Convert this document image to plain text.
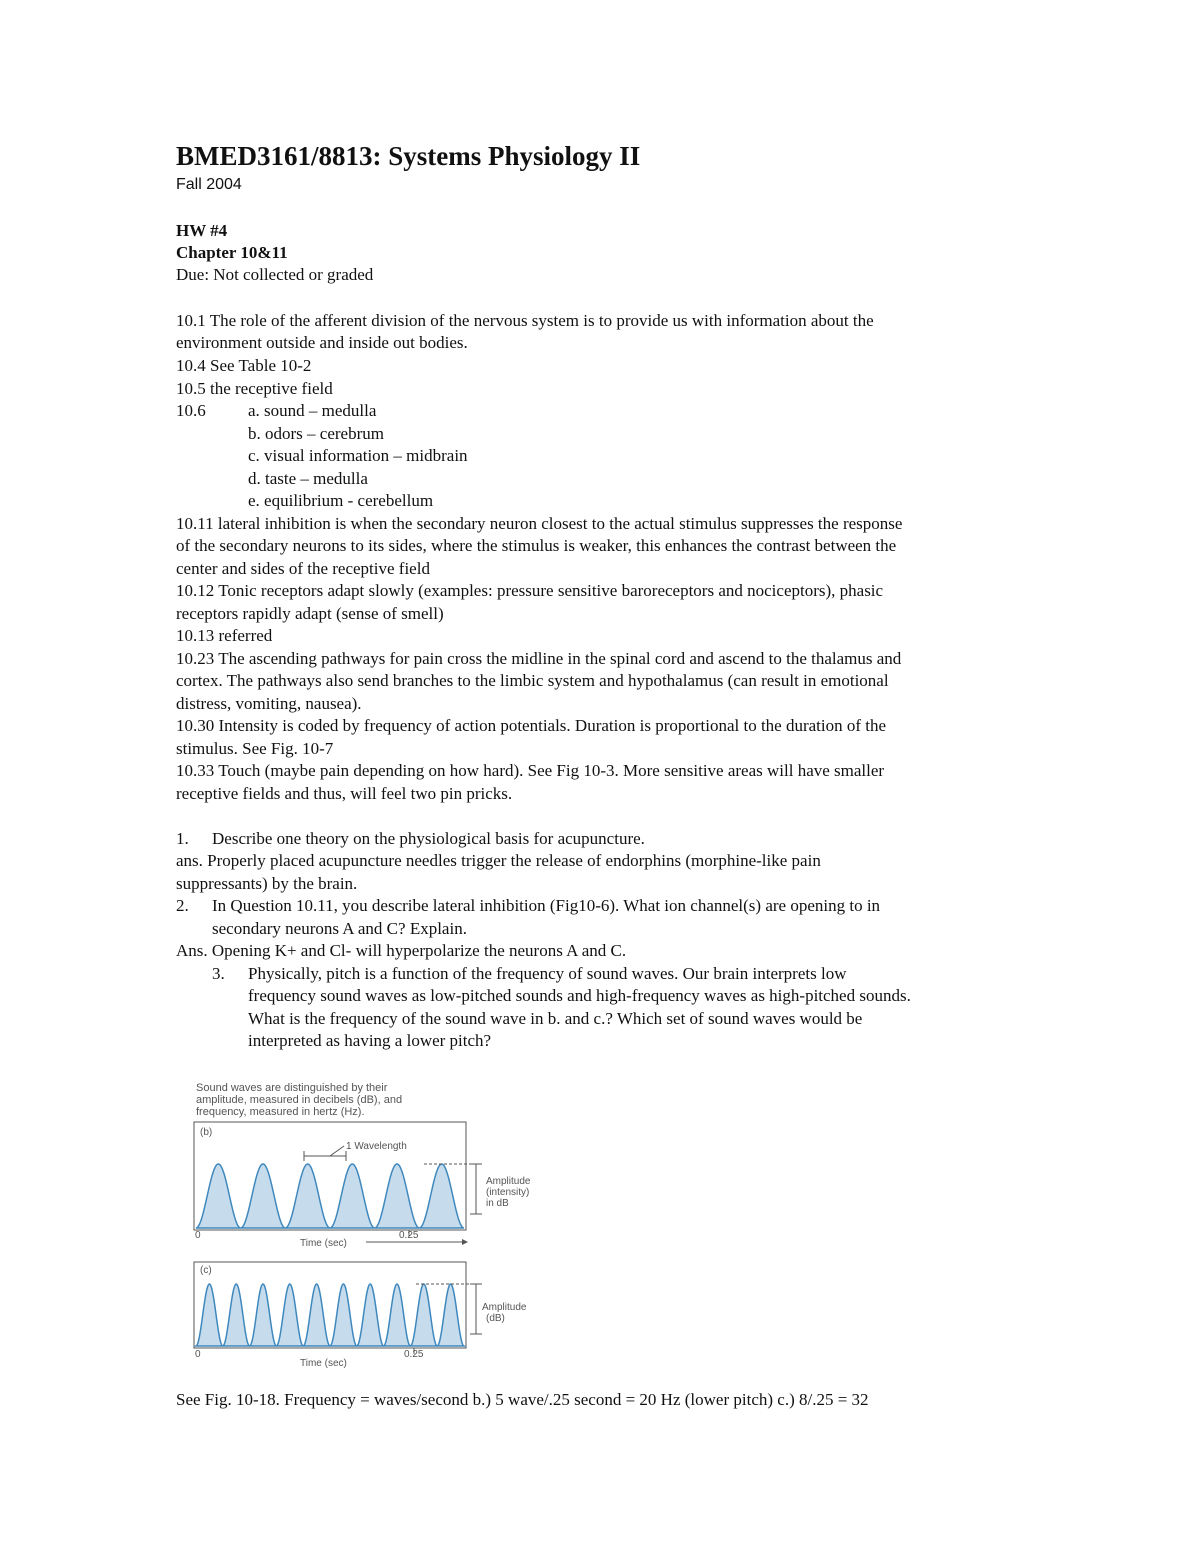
BMED3161/8813: Systems Physiology II
Fall 2004
HW #4
Chapter 10&11
Due: Not collected or graded
10.1 The role of the afferent division of the nervous system is to provide us with information about the
environment outside and inside out bodies.
10.4 See Table 10-2
10.5 the receptive field
10.6 a. sound – medulla
b. odors – cerebrum
c. visual information – midbrain
d. taste – medulla
e. equilibrium - cerebellum
10.11 lateral inhibition is when the secondary neuron closest to the actual stimulus suppresses the response
of the secondary neurons to its sides, where the stimulus is weaker, this enhances the contrast between the
center and sides of the receptive field
10.12 Tonic receptors adapt slowly (examples: pressure sensitive baroreceptors and nociceptors), phasic
receptors rapidly adapt (sense of smell)
10.13 referred
10.23 The ascending pathways for pain cross the midline in the spinal cord and ascend to the thalamus and
cortex. The pathways also send branches to the limbic system and hypothalamus (can result in emotional
distress, vomiting, nausea).
10.30 Intensity is coded by frequency of action potentials. Duration is proportional to the duration of the
stimulus. See Fig. 10-7
10.33 Touch (maybe pain depending on how hard). See Fig 10-3. More sensitive areas will have smaller
receptive fields and thus, will feel two pin pricks.
1. Describe one theory on the physiological basis for acupuncture.
ans. Properly placed acupuncture needles trigger the release of endorphins (morphine-like pain
suppressants) by the brain.
2. In Question 10.11, you describe lateral inhibition (Fig10-6). What ion channel(s) are opening to in
secondary neurons A and C? Explain.
Ans. Opening K+ and Cl- will hyperpolarize the neurons A and C.
3. Physically, pitch is a function of the frequency of sound waves. Our brain interprets low
frequency sound waves as low-pitched sounds and high-frequency waves as high-pitched sounds.
What is the frequency of the sound wave in b. and c.? Which set of sound waves would be
interpreted as having a lower pitch?
Sound waves are distinguished by their
amplitude, measured in decibels (dB), and
frequency, measured in hertz (Hz).
(b)
1 Wavelength
Amplitude
(intensity)
in dB
0	0.25
Time (sec)
(c)
Amplitude
(dB)
0	0.25
Time (sec)
See Fig. 10-18. Frequency = waves/second b.) 5 wave/.25 second = 20 Hz (lower pitch) c.) 8/.25 = 32
